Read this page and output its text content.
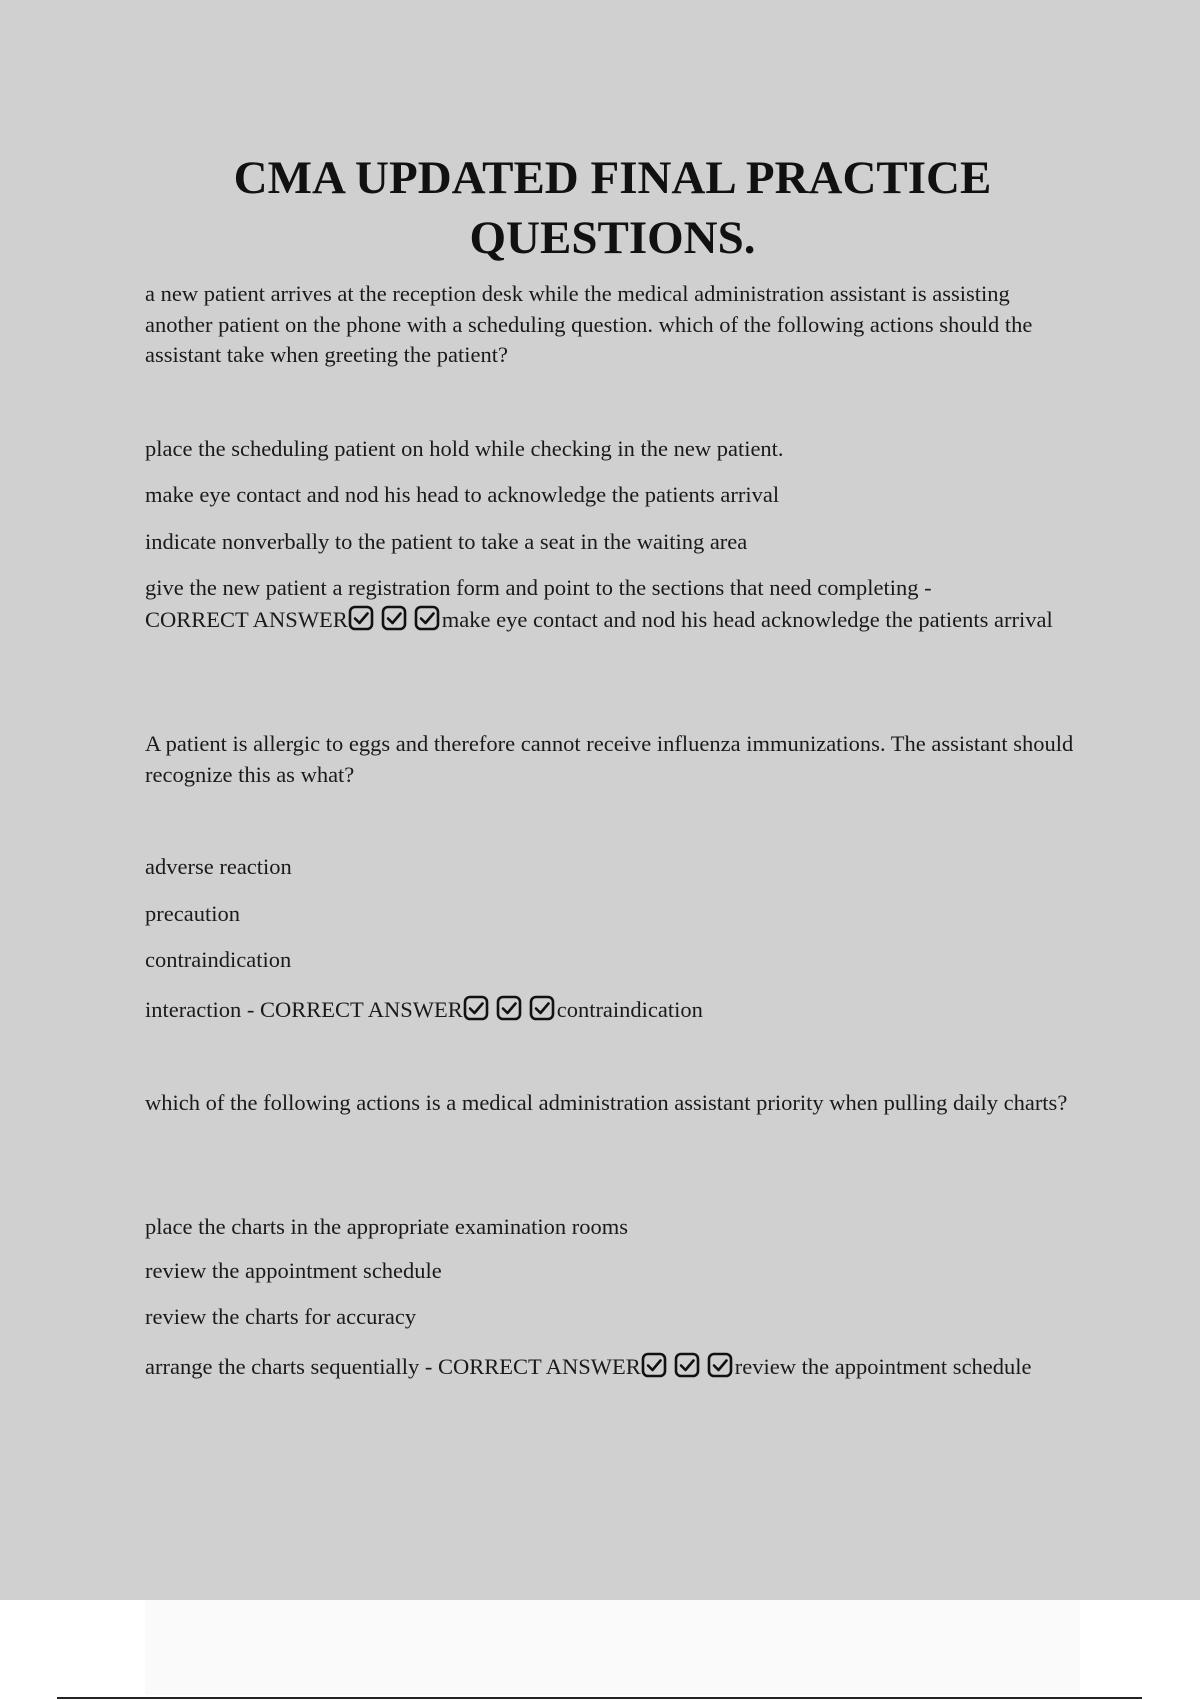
CMA UPDATED FINAL PRACTICE QUESTIONS.

a new patient arrives at the reception desk while the medical administration assistant is assisting another patient on the phone with a scheduling question. which of the following actions should the assistant take when greeting the patient?

place the scheduling patient on hold while checking in the new patient.

make eye contact and nod his head to acknowledge the patients arrival

indicate nonverbally to the patient to take a seat in the waiting area

give the new patient a registration form and point to the sections that need completing -
CORRECT ANSWER	make eye contact and nod his head acknowledge the patients arrival

A patient is allergic to eggs and therefore cannot receive influenza immunizations. The assistant should recognize this as what?

adverse reaction

precaution

contraindication

interaction - CORRECT ANSWER	contraindication

which of the following actions is a medical administration assistant priority when pulling daily charts?

place the charts in the appropriate examination rooms

review the appointment schedule

review the charts for accuracy

arrange the charts sequentially - CORRECT ANSWER	review the appointment schedule
